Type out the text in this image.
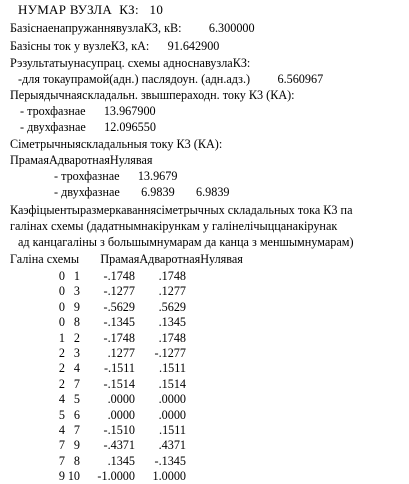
НУМАР ВУЗЛА  КЗ:   10
БазiснаенапружаннявузлаКЗ, кВ:         6.300000
Базiсны ток у вузлеКЗ, кА:      91.642900
Рэзультатыунасупрац. схемы адноснавузлаКЗ:
-для токаупрамой(адн.) паслядоун. (адн.адз.)         6.560967
Перыядычнаяскладальн. звышпераходн. току К3 (КА):
- трохфазнае      13.967900
- двухфазнае      12.096550
Сiметрычныяскладальныя току К3 (КА):
ПрамаяАдваротнаяНулявая
- трохфазнае      13.9679
- двухфазнае       6.9839       6.9839
Каэфiцыентыразмеркаванняciметрычных складальных тока К3 па
галiнах схемы (дадатнымнакiрункам у галiнелiчыццанакiрунак
ад канцагалiны з большымнумарам да канца з меншымнумарам)
Галiна схемы       ПрамаяАдваротнаяНулявая
0 1	-.1748	.1748
0 3	-.1277	.1277
0 9	-.5629	.5629
0 8	-.1345	.1345
1 2	-.1748	.1748
2 3	.1277	-.1277
2 4	-.1511	.1511
2 7	-.1514	.1514
4 5	.0000	.0000
5 6	.0000	.0000
4 7	-.1510	.1511
7 9	-.4371	.4371
7 8	.1345	-.1345
9 10	-1.0000	1.0000
